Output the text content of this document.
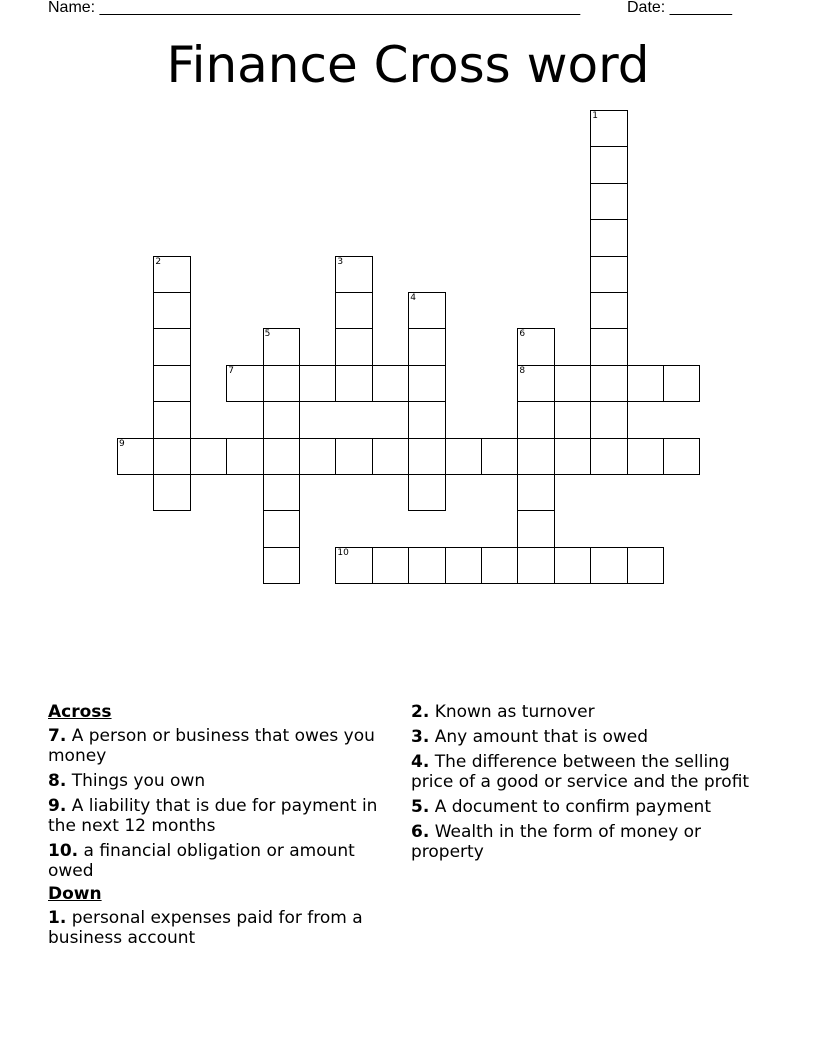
Name: ______________________________________________________	Date: _______
Finance Cross word
1
2	3
4
5	6
8
7
9
10
Across
7. A person or business that owes you money
8. Things you own
9. A liability that is due for payment in the next 12 months
10. a financial obligation or amount owed
Down
1. personal expenses paid for from a business account
2. Known as turnover
3. Any amount that is owed
4. The difference between the selling price of a good or service and the profit
5. A document to confirm payment
6. Wealth in the form of money or property
